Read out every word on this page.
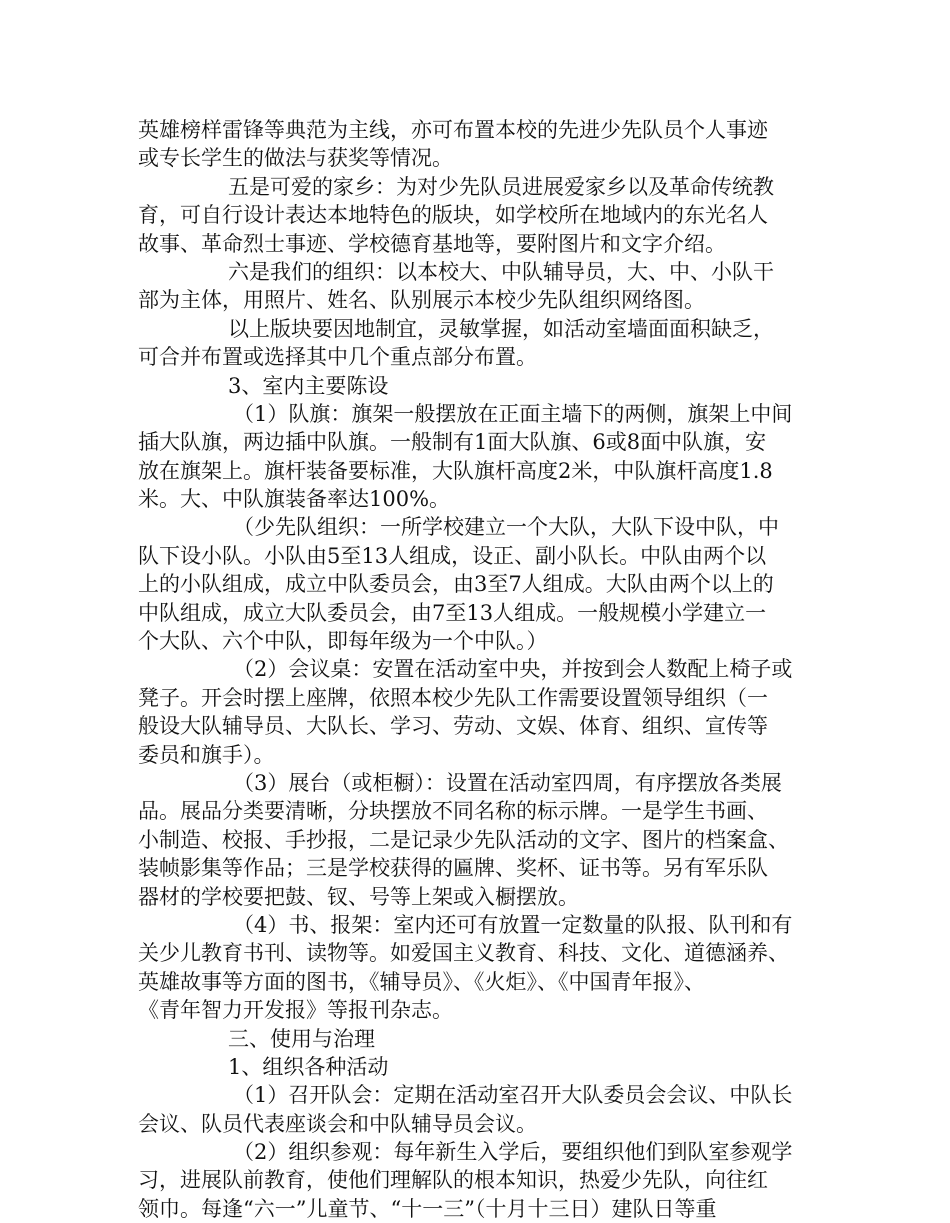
英雄榜样雷锋等典范为主线，亦可布置本校的先进少先队员个人事迹
或专长学生的做法与获奖等情况。
五是可爱的家乡：为对少先队员进展爱家乡以及革命传统教
育，可自行设计表达本地特色的版块，如学校所在地域内的东光名人
故事、革命烈士事迹、学校德育基地等，要附图片和文字介绍。
六是我们的组织：以本校大、中队辅导员，大、中、小队干
部为主体，用照片、姓名、队别展示本校少先队组织网络图。
以上版块要因地制宜，灵敏掌握，如活动室墙面面积缺乏，
可合并布置或选择其中几个重点部分布置。
3、室内主要陈设
（1）队旗：旗架一般摆放在正面主墙下的两侧，旗架上中间
插大队旗，两边插中队旗。一般制有1面大队旗、6或8面中队旗，安
放在旗架上。旗杆装备要标准，大队旗杆高度2米，中队旗杆高度1.8
米。大、中队旗装备率达100%。
（少先队组织：一所学校建立一个大队，大队下设中队，中
队下设小队。小队由5至13人组成，设正、副小队长。中队由两个以
上的小队组成，成立中队委员会，由3至7人组成。大队由两个以上的
中队组成，成立大队委员会，由7至13人组成。一般规模小学建立一
个大队、六个中队，即每年级为一个中队。）
（2）会议桌：安置在活动室中央，并按到会人数配上椅子或
凳子。开会时摆上座牌，依照本校少先队工作需要设置领导组织（一
般设大队辅导员、大队长、学习、劳动、文娱、体育、组织、宣传等
委员和旗手）。
（3）展台（或柜橱）：设置在活动室四周，有序摆放各类展
品。展品分类要清晰，分块摆放不同名称的标示牌。一是学生书画、
小制造、校报、手抄报，二是记录少先队活动的文字、图片的档案盒、
装帧影集等作品；三是学校获得的匾牌、奖杯、证书等。另有军乐队
器材的学校要把鼓、钗、号等上架或入橱摆放。
（4）书、报架：室内还可有放置一定数量的队报、队刊和有
关少儿教育书刊、读物等。如爱国主义教育、科技、文化、道德涵养、
英雄故事等方面的图书，《辅导员》、《火炬》、《中国青年报》、
《青年智力开发报》等报刊杂志。
三、使用与治理
1、组织各种活动
（1）召开队会：定期在活动室召开大队委员会会议、中队长
会议、队员代表座谈会和中队辅导员会议。
（2）组织参观：每年新生入学后，要组织他们到队室参观学
习，进展队前教育，使他们理解队的根本知识，热爱少先队，向往红
领巾。每逢“六一”儿童节、“十一三”（十月十三日）建队日等重
